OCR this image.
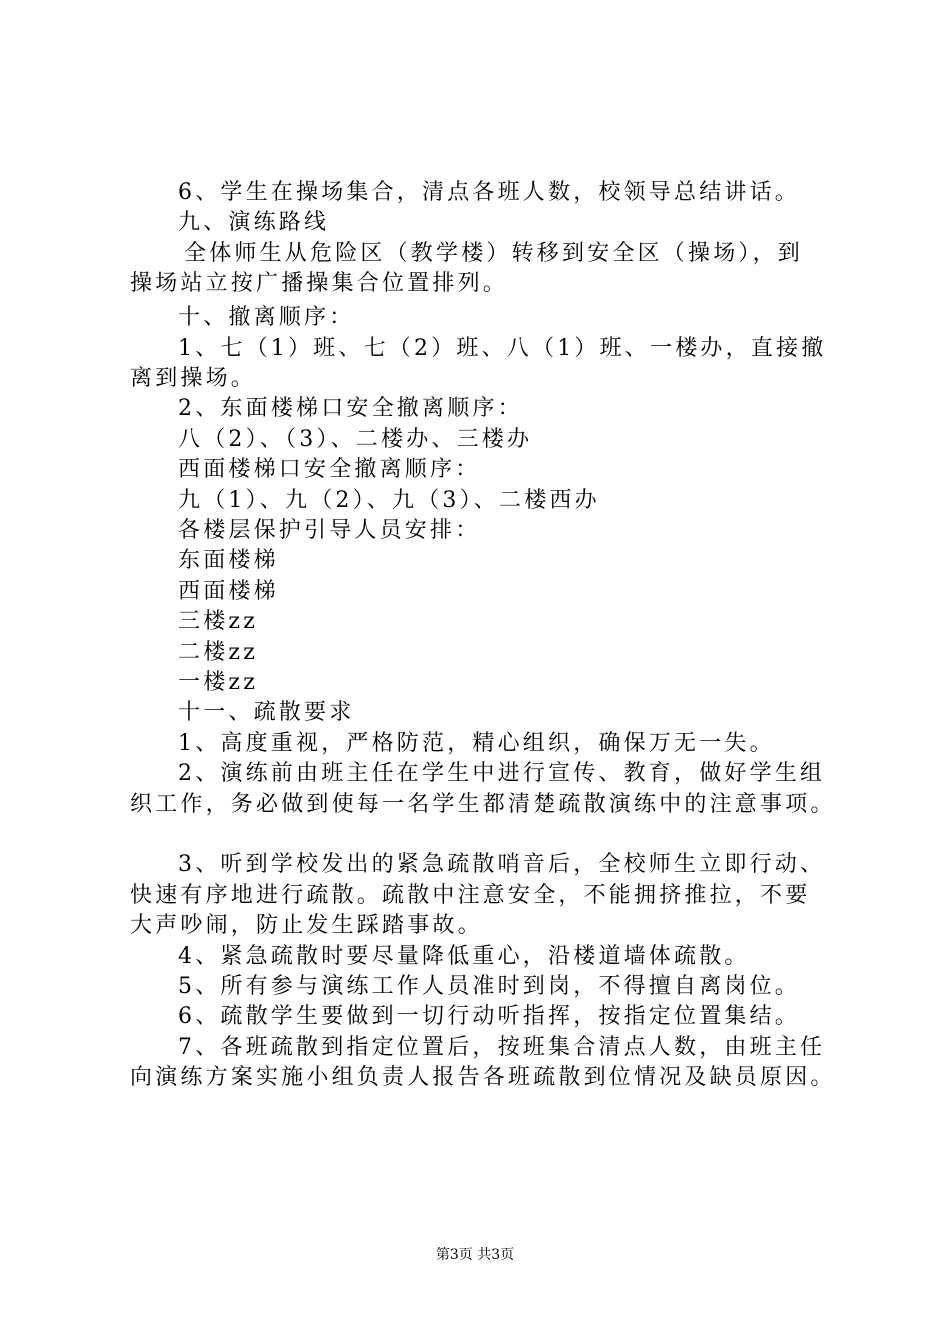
6、学生在操场集合，清点各班人数，校领导总结讲话。
九、演练路线
全体师生从危险区（教学楼）转移到安全区（操场），到
操场站立按广播操集合位置排列。
十、撤离顺序：
1、七（1）班、七（2）班、八（1）班、一楼办，直接撤
离到操场。
2、东面楼梯口安全撤离顺序：
八（2）、（3）、二楼办、三楼办
西面楼梯口安全撤离顺序：
九（1）、九（2）、九（3）、二楼西办
各楼层保护引导人员安排：
东面楼梯
西面楼梯
三楼zz
二楼zz
一楼zz
十一、疏散要求
1、高度重视，严格防范，精心组织，确保万无一失。
2、演练前由班主任在学生中进行宣传、教育，做好学生组
织工作，务必做到使每一名学生都清楚疏散演练中的注意事项。
3、听到学校发出的紧急疏散哨音后，全校师生立即行动、
快速有序地进行疏散。疏散中注意安全，不能拥挤推拉，不要
大声吵闹，防止发生踩踏事故。
4、紧急疏散时要尽量降低重心，沿楼道墙体疏散。
5、所有参与演练工作人员准时到岗，不得擅自离岗位。
6、疏散学生要做到一切行动听指挥，按指定位置集结。
7、各班疏散到指定位置后，按班集合清点人数，由班主任
向演练方案实施小组负责人报告各班疏散到位情况及缺员原因。
第3页 共3页
